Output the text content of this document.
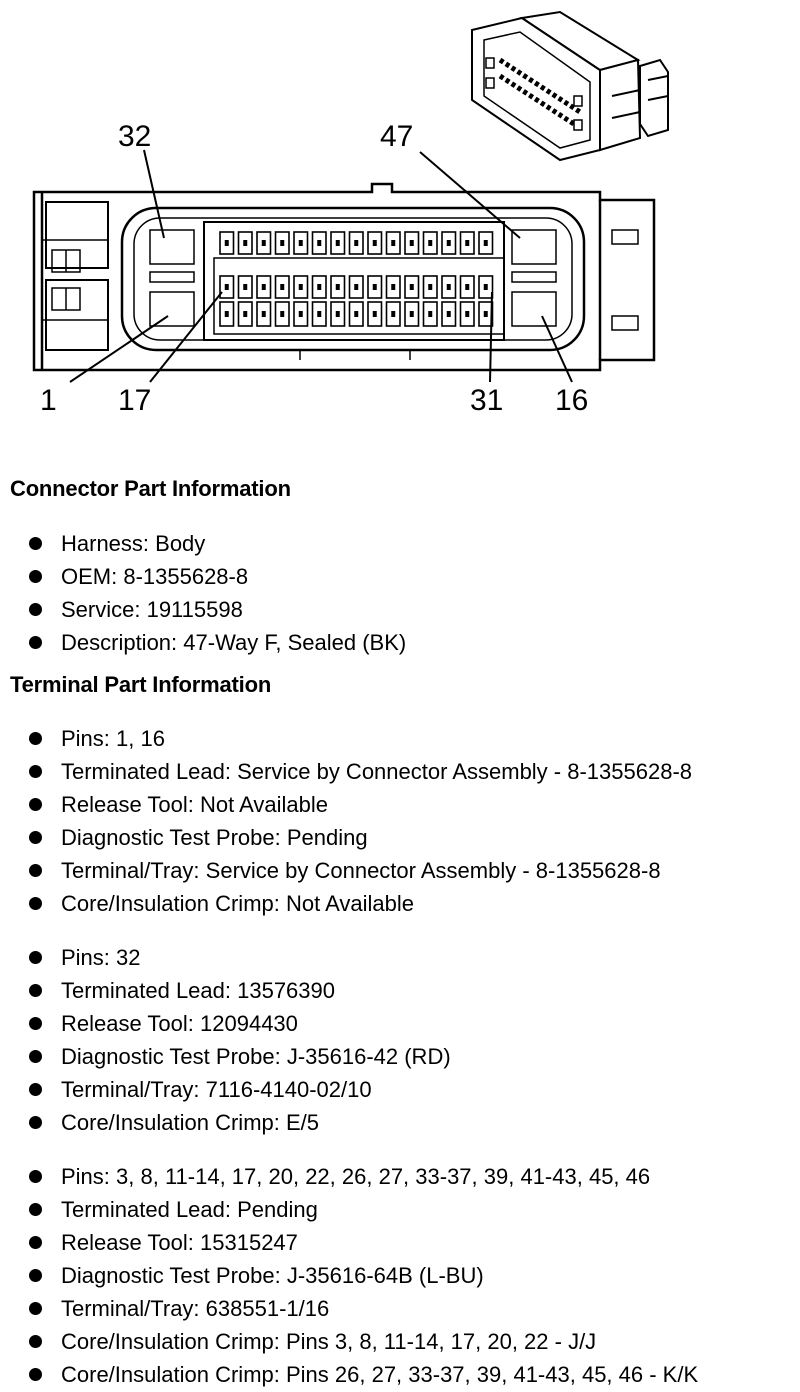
32	47
1 17	31 16
Connector Part Information
Harness: Body
OEM: 8-1355628-8
Service: 19115598
Description: 47-Way F, Sealed (BK)
Terminal Part Information
Pins: 1, 16
Terminated Lead: Service by Connector Assembly - 8-1355628-8
Release Tool: Not Available
Diagnostic Test Probe: Pending
Terminal/Tray: Service by Connector Assembly - 8-1355628-8
Core/Insulation Crimp: Not Available
Pins: 32
Terminated Lead: 13576390
Release Tool: 12094430
Diagnostic Test Probe: J-35616-42 (RD)
Terminal/Tray: 7116-4140-02/10
Core/Insulation Crimp: E/5
Pins: 3, 8, 11-14, 17, 20, 22, 26, 27, 33-37, 39, 41-43, 45, 46
Terminated Lead: Pending
Release Tool: 15315247
Diagnostic Test Probe: J-35616-64B (L-BU)
Terminal/Tray: 638551-1/16
Core/Insulation Crimp: Pins 3, 8, 11-14, 17, 20, 22 - J/J
Core/Insulation Crimp: Pins 26, 27, 33-37, 39, 41-43, 45, 46 - K/K
